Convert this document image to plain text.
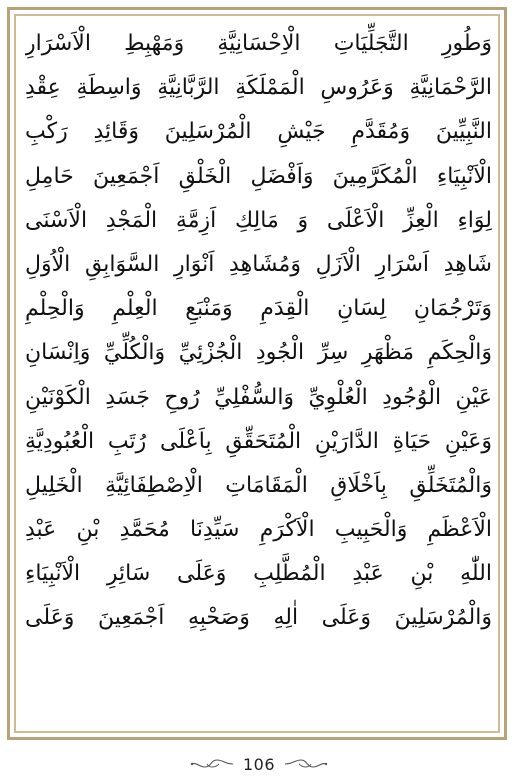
وَطُورِ التَّجَلِّيَاتِ الْاِحْسَانِيَّةِ وَمَهْبِطِ الْاَسْرَارِ
الرَّحْمَانِيَّةِ وَعَرُوسِ الْمَمْلَكَةِ الرَّبَّانِيَّةِ وَاسِطَةِ عِقْدِ
النَّبِيِّينَ وَمُقَدَّمِ جَيْشِ الْمُرْسَلِينَ وَقَائِدِ رَكْبِ
الْاَنْبِيَاءِ الْمُكَرَّمِينَ وَاَفْضَلِ الْخَلْقِ اَجْمَعِينَ حَامِلِ
لِوَاءِ الْعِزِّ الْاَعْلَى وَ مَالِكِ اَزِمَّةِ الْمَجْدِ الْاَسْنَى
شَاهِدِ اَسْرَارِ الْاَزَلِ وَمُشَاهِدِ اَنْوَارِ السَّوَابِقِ الْاُوَلِ
وَتَرْجُمَانِ لِسَانِ الْقِدَمِ وَمَنْبَعِ الْعِلْمِ وَالْحِلْمِ
وَالْحِكَمِ مَظْهَرِ سِرِّ الْجُودِ الْجُزْئِيِّ وَالْكُلِّيِّ وَاِنْسَانِ
عَيْنِ الْوُجُودِ الْعُلْوِيِّ وَالسُّفْلِيِّ رُوحِ جَسَدِ الْكَوْنَيْنِ
وَعَيْنِ حَيَاةِ الدَّارَيْنِ الْمُتَحَقِّقِ بِاَعْلَى رُتَبِ الْعُبُودِيَّةِ
وَالْمُتَخَلِّقِ بِاَخْلَاقِ الْمَقَامَاتِ الْاِصْطِفَائِيَّةِ الْخَلِيلِ
الْاَعْظَمِ وَالْحَبِيبِ الْاَكْرَمِ سَيِّدِنَا مُحَمَّدِ بْنِ عَبْدِ
اللّٰهِ بْنِ عَبْدِ الْمُطَّلِبِ وَعَلَى سَائِرِ الْاَنْبِيَاءِ
وَالْمُرْسَلِينَ وَعَلَى اٰلِهِ وَصَحْبِهِ اَجْمَعِينَ وَعَلَى
106
